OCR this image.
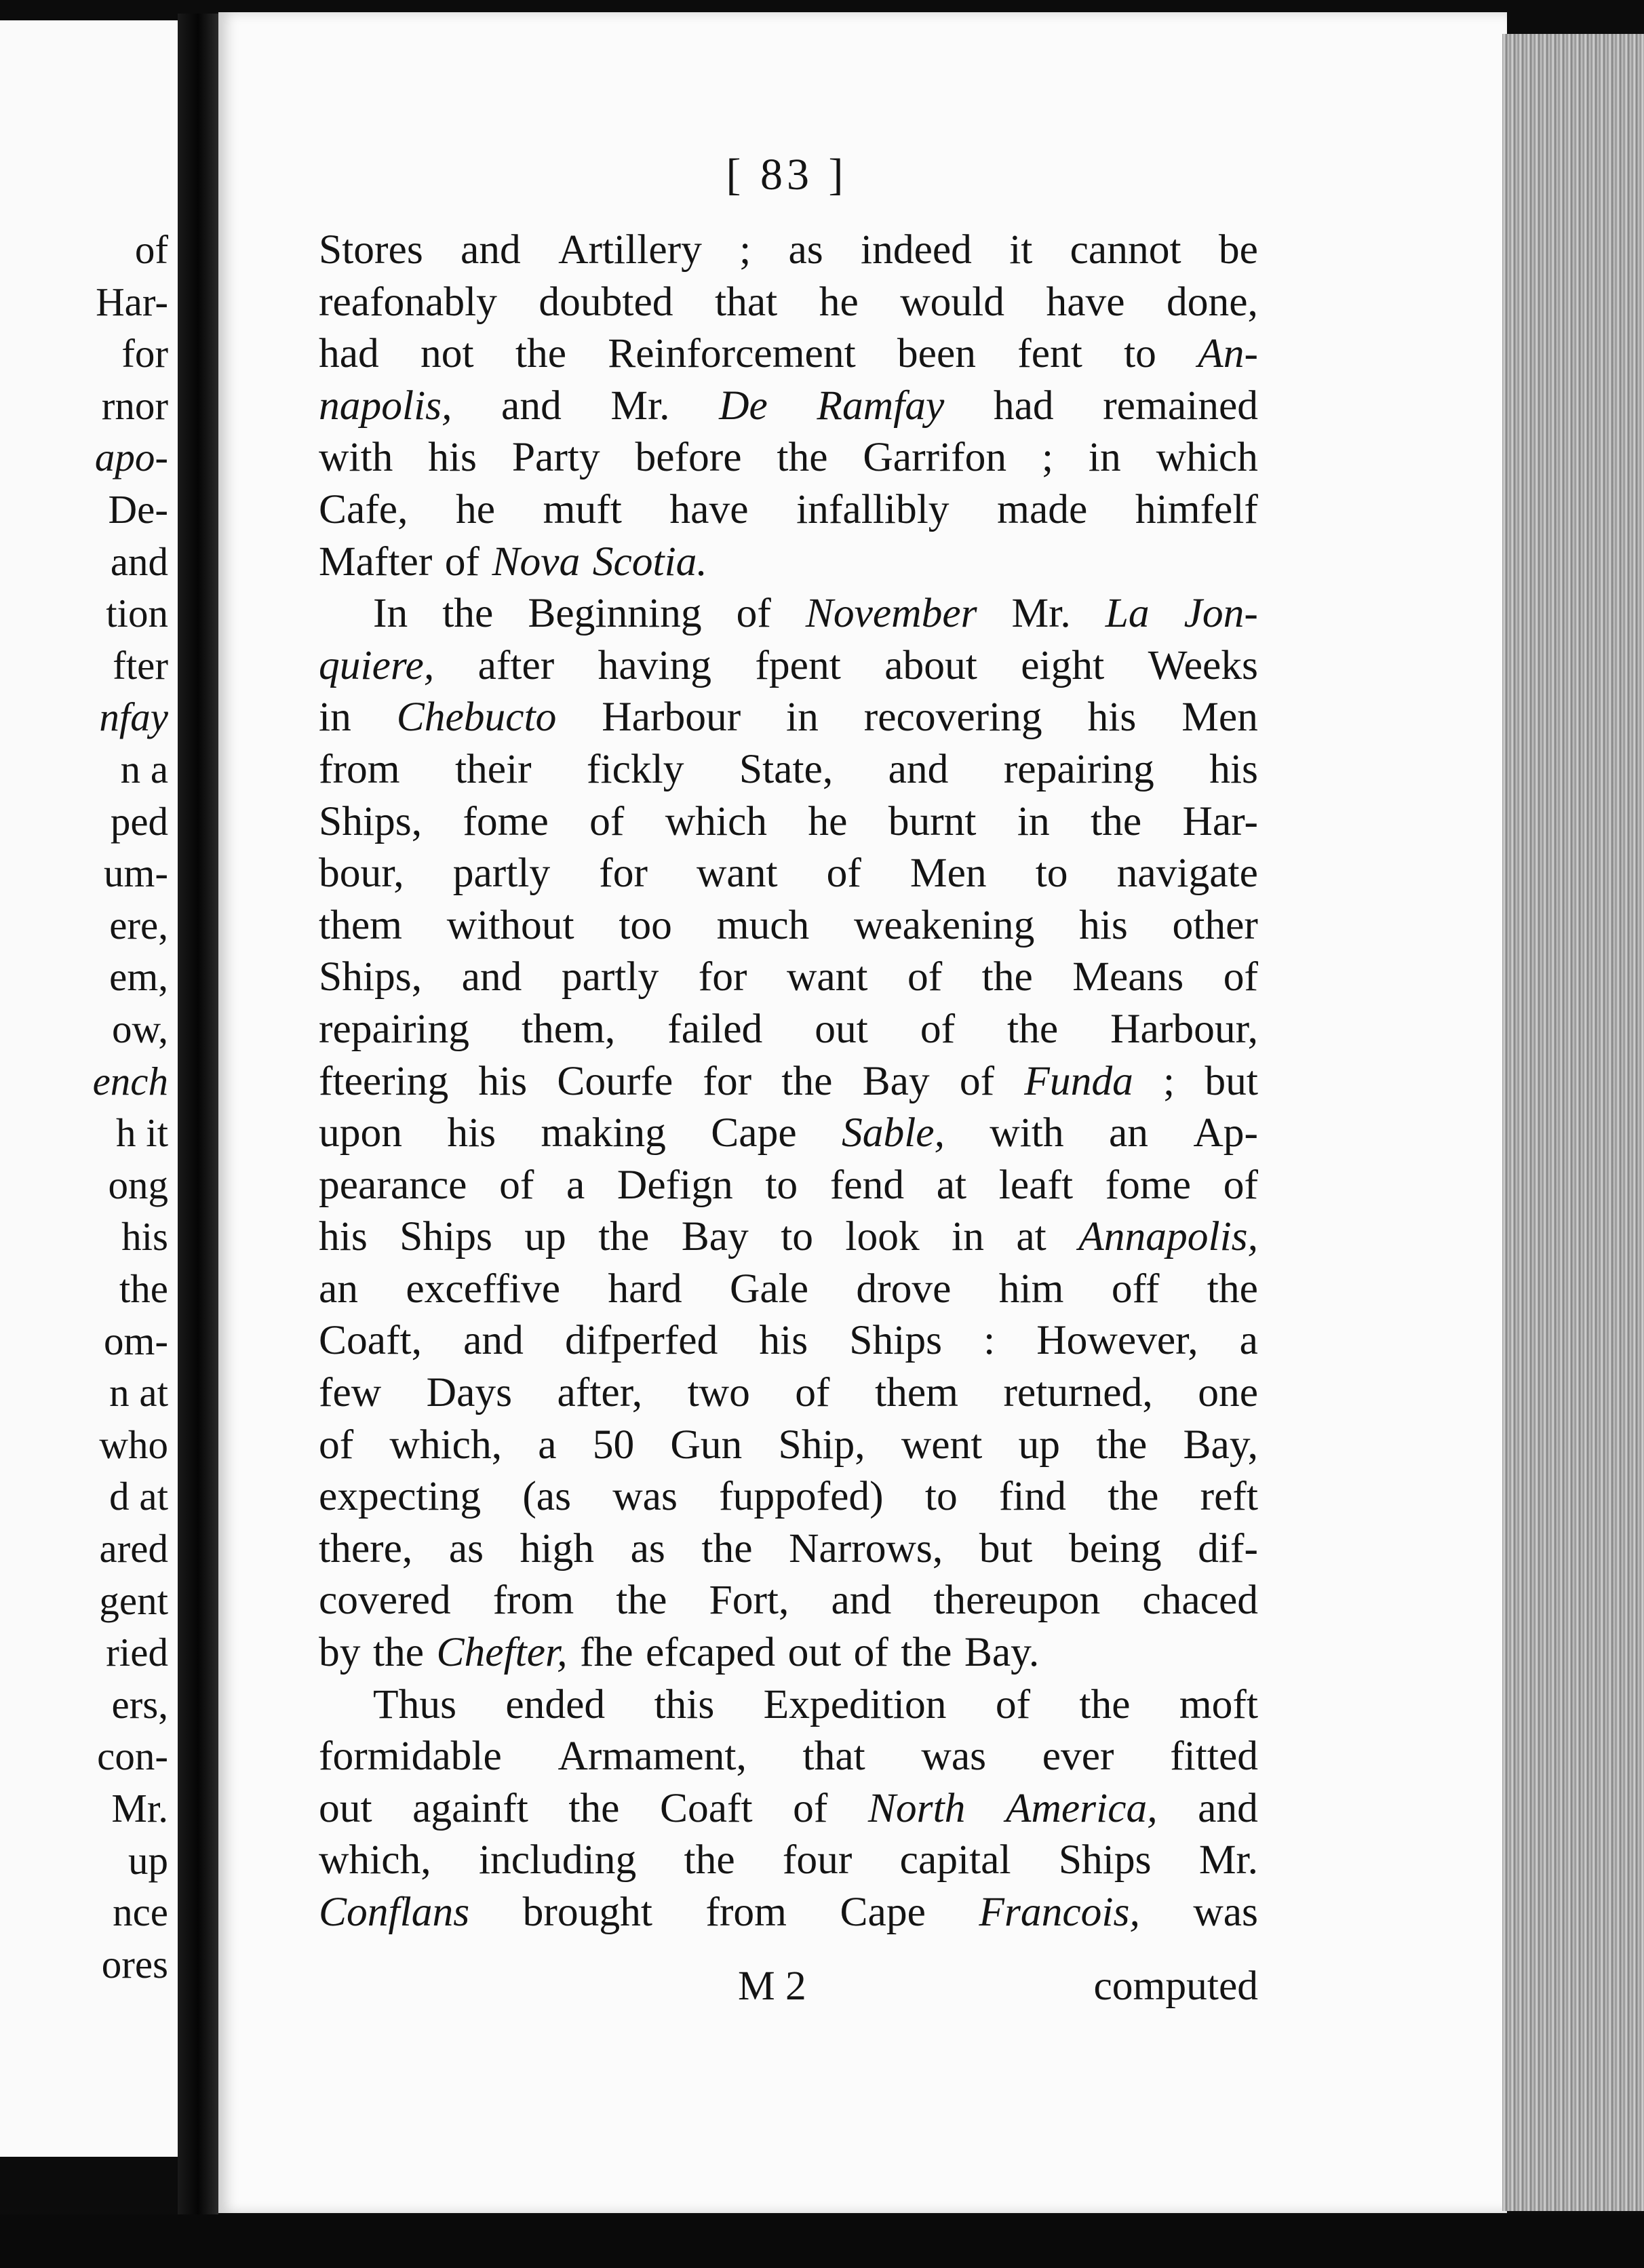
of
Har-
for
rnor
apo-
De-
and
tion
fter
nfay
n a
ped
um-
ere,
em,
ow,
ench
h it
ong
his
the
om-
n at
who
d at
ared
gent
ried
ers,
con-
Mr.
up
nce
ores
[ 83 ]
Stores and Artillery ; as indeed it cannot be
reafonably doubted that he would have done,
had not the Reinforcement been fent to An-
napolis, and Mr. De Ramfay had remained
with his Party before the Garrifon ; in which
Cafe, he muft have infallibly made himfelf
Mafter of Nova Scotia.
In the Beginning of November Mr. La Jon-
quiere, after having fpent about eight Weeks
in Chebucto Harbour in recovering his Men
from their fickly State, and repairing his
Ships, fome of which he burnt in the Har-
bour, partly for want of Men to navigate
them without too much weakening his other
Ships, and partly for want of the Means of
repairing them, failed out of the Harbour,
fteering his Courfe for the Bay of Funda ; but
upon his making Cape Sable, with an Ap-
pearance of a Defign to fend at leaft fome of
his Ships up the Bay to look in at Annapolis,
an exceffive hard Gale drove him off the
Coaft, and difperfed his Ships : However, a
few Days after, two of them returned, one
of which, a 50 Gun Ship, went up the Bay,
expecting (as was fuppofed) to find the reft
there, as high as the Narrows, but being dif-
covered from the Fort, and thereupon chaced
by the Chefter, fhe efcaped out of the Bay.
Thus ended this Expedition of the moft
formidable Armament, that was ever fitted
out againft the Coaft of North America, and
which, including the four capital Ships Mr.
Conflans brought from Cape Francois, was
M 2	computed
